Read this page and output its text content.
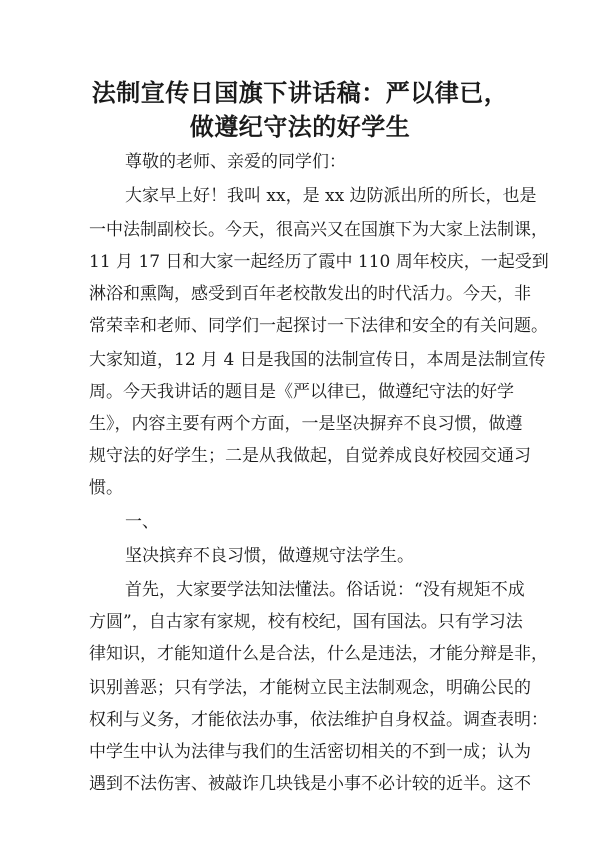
法制宣传日国旗下讲话稿：严以律已，
做遵纪守法的好学生
尊敬的老师、亲爱的同学们：
大家早上好！我叫 xx，是 xx 边防派出所的所长，也是
一中法制副校长。今天，很高兴又在国旗下为大家上法制课，
11 月 17 日和大家一起经历了霞中 110 周年校庆，一起受到
淋浴和熏陶，感受到百年老校散发出的时代活力。今天，非
常荣幸和老师、同学们一起探讨一下法律和安全的有关问题。
大家知道，12 月 4 日是我国的法制宣传日，本周是法制宣传
周。今天我讲话的题目是《严以律已，做遵纪守法的好学
生》，内容主要有两个方面，一是坚决摒弃不良习惯，做遵
规守法的好学生；二是从我做起，自觉养成良好校园交通习
惯。
一、
坚决摈弃不良习惯，做遵规守法学生。
首先，大家要学法知法懂法。俗话说：“没有规矩不成
方圆”，自古家有家规，校有校纪，国有国法。只有学习法
律知识，才能知道什么是合法，什么是违法，才能分辩是非，
识别善恶；只有学法，才能树立民主法制观念，明确公民的
权利与义务，才能依法办事，依法维护自身权益。调查表明：
中学生中认为法律与我们的生活密切相关的不到一成；认为
遇到不法伤害、被敲诈几块钱是小事不必计较的近半。这不
